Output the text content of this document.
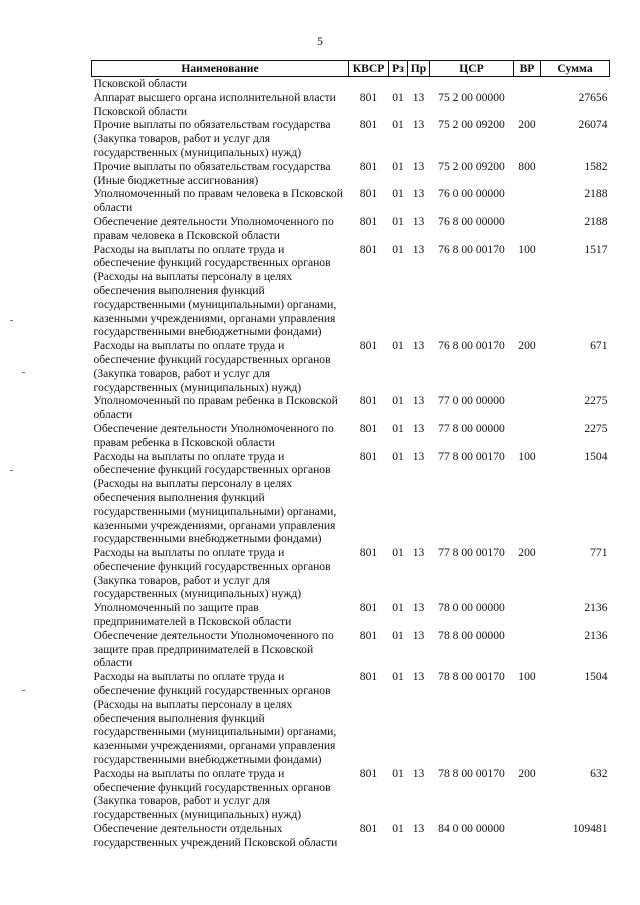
5
Наименование	КВСР	Рз	Пр	ЦСР	ВР	Сумма
Псковской области						
Аппарат высшего органа исполнительной власти Псковской области	801	01	13	75 2 00 00000		27656
Прочие выплаты по обязательствам государства (Закупка товаров, работ и услуг для государственных (муниципальных) нужд)	801	01	13	75 2 00 09200	200	26074
Прочие выплаты по обязательствам государства (Иные бюджетные ассигнования)	801	01	13	75 2 00 09200	800	1582
Уполномоченный по правам человека в Псковской области	801	01	13	76 0 00 00000		2188
Обеспечение деятельности Уполномоченного по правам человека в Псковской области	801	01	13	76 8 00 00000		2188
Расходы на выплаты по оплате труда и обеспечение функций государственных органов (Расходы на выплаты персоналу в целях обеспечения выполнения функций государственными (муниципальными) органами, казенными учреждениями, органами управления государственными внебюджетными фондами)	801	01	13	76 8 00 00170	100	1517
Расходы на выплаты по оплате труда и обеспечение функций государственных органов (Закупка товаров, работ и услуг для государственных (муниципальных) нужд)	801	01	13	76 8 00 00170	200	671
Уполномоченный по правам ребенка в Псковской области	801	01	13	77 0 00 00000		2275
Обеспечение деятельности Уполномоченного по правам ребенка в Псковской области	801	01	13	77 8 00 00000		2275
Расходы на выплаты по оплате труда и обеспечение функций государственных органов (Расходы на выплаты персоналу в целях обеспечения выполнения функций государственными (муниципальными) органами, казенными учреждениями, органами управления государственными внебюджетными фондами)	801	01	13	77 8 00 00170	100	1504
Расходы на выплаты по оплате труда и обеспечение функций государственных органов (Закупка товаров, работ и услуг для государственных (муниципальных) нужд)	801	01	13	77 8 00 00170	200	771
Уполномоченный по защите прав предпринимателей в Псковской области	801	01	13	78 0 00 00000		2136
Обеспечение деятельности Уполномоченного по защите прав предпринимателей в Псковской области	801	01	13	78 8 00 00000		2136
Расходы на выплаты по оплате труда и обеспечение функций государственных органов (Расходы на выплаты персоналу в целях обеспечения выполнения функций государственными (муниципальными) органами, казенными учреждениями, органами управления государственными внебюджетными фондами)	801	01	13	78 8 00 00170	100	1504
Расходы на выплаты по оплате труда и обеспечение функций государственных органов (Закупка товаров, работ и услуг для государственных (муниципальных) нужд)	801	01	13	78 8 00 00170	200	632
Обеспечение деятельности отдельных государственных учреждений Псковской области	801	01	13	84 0 00 00000		109481
